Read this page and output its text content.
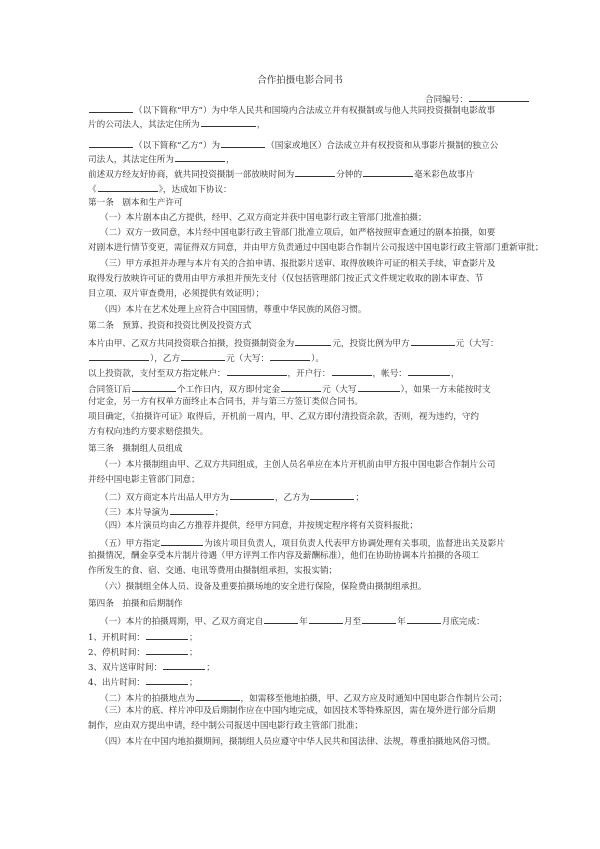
合作拍摄电影合同书
合同编号：
（以下简称“甲方”）为中华人民共和国境内合法成立并有权摄制或与他人共同投资摄制电影故事
片的公司法人，其法定住所为	，
（以下简称“乙方”）为	（国家或地区）合法成立并有权投资和从事影片摄制的独立公
司法人，其法定住所为	，
前述双方经友好协商，就共同投资摄制一部放映时间为	分钟的	毫米彩色故事片
《	》，达成如下协议：
第一条　剧本和生产许可
（一）本片剧本由乙方提供，经甲、乙双方商定并获中国电影行政主管部门批准拍摄；
（二）双方一致同意，本片经中国电影行政主管部门批准立项后，如严格按照审查通过的剧本拍摄，如要
对剧本进行情节变更，需征得双方同意，并由甲方负责通过中国电影合作制片公司报送中国电影行政主管部门重新审批；
（三）甲方承担并办理与本片有关的合拍申请、报批影片送审、取得放映许可证的相关手续，审查影片及
取得发行放映许可证的费用由甲方承担并预先支付（仅包括管理部门按正式文件规定收取的剧本审查、节
目立项、双片审查费用，必须提供有效证明）；
（四）本片在艺术处理上应符合中国国情，尊重中华民族的风俗习惯。
第二条　预算、投资和投资比例及投资方式
本片由甲、乙双方共同投资联合拍摄，投资摄制资金为	元，投资比例为甲方	元（大写：
），乙方	元（大写：	）。
以上投资款，支付至双方指定帐户：	，开户行：	，帐号：	，
合同签订后	个工作日内，双方即付定金	元（大写	），如果一方未能按时支
付定金，另一方有权单方面终止本合同书，并与第三方签订类似合同书。
项目确定，《拍摄许可证》取得后，开机前一周内，甲、乙双方即付清投资余款，否则，视为违约，守约
方有权向违约方要求赔偿损失。
第三条　摄制组人员组成
（一）本片摄制组由甲、乙双方共同组成，主创人员名单应在本片开机前由甲方报中国电影合作制片公司
并经中国电影主管部门同意；
（二）双方商定本片出品人甲方为	，乙方为	；
（三）本片导演为	；
（四）本片演员均由乙方推荐并提供，经甲方同意，并按规定程序将有关资料报批；
（五）甲方指定	为该片项目负责人，项目负责人代表甲方协调处理有关事项，监督进出关及影片
拍摄情况，酬金享受本片制片待遇（甲方评判工作内容及薪酬标准），他们在协助协调本片拍摄的各项工
作所发生的食、宿、交通、电讯等费用由摄制组承担，实报实销；
（六）摄制组全体人员、设备及重要拍摄场地的安全进行保险，保险费由摄制组承担。
第四条　拍摄和后期制作
（一）本片的拍摄周期，甲、乙双方商定自	年	月至	年	月底完成：
1、开机时间：	；
2、停机时间：	；
3、双片送审时间：	；
4、出片时间：	；
（二）本片的拍摄地点为	，如需移至他地拍摄，甲、乙双方应及时通知中国电影合作制片公司；
（三）本片的底、样片冲印及后期制作应在中国内地完成，如因技术等特殊原因，需在境外进行部分后期
制作，应由双方提出申请，经中制公司报送中国电影行政主管部门批准；
（四）本片在中国内地拍摄期间，摄制组人员应遵守中华人民共和国法律、法规，尊重拍摄地风俗习惯。
